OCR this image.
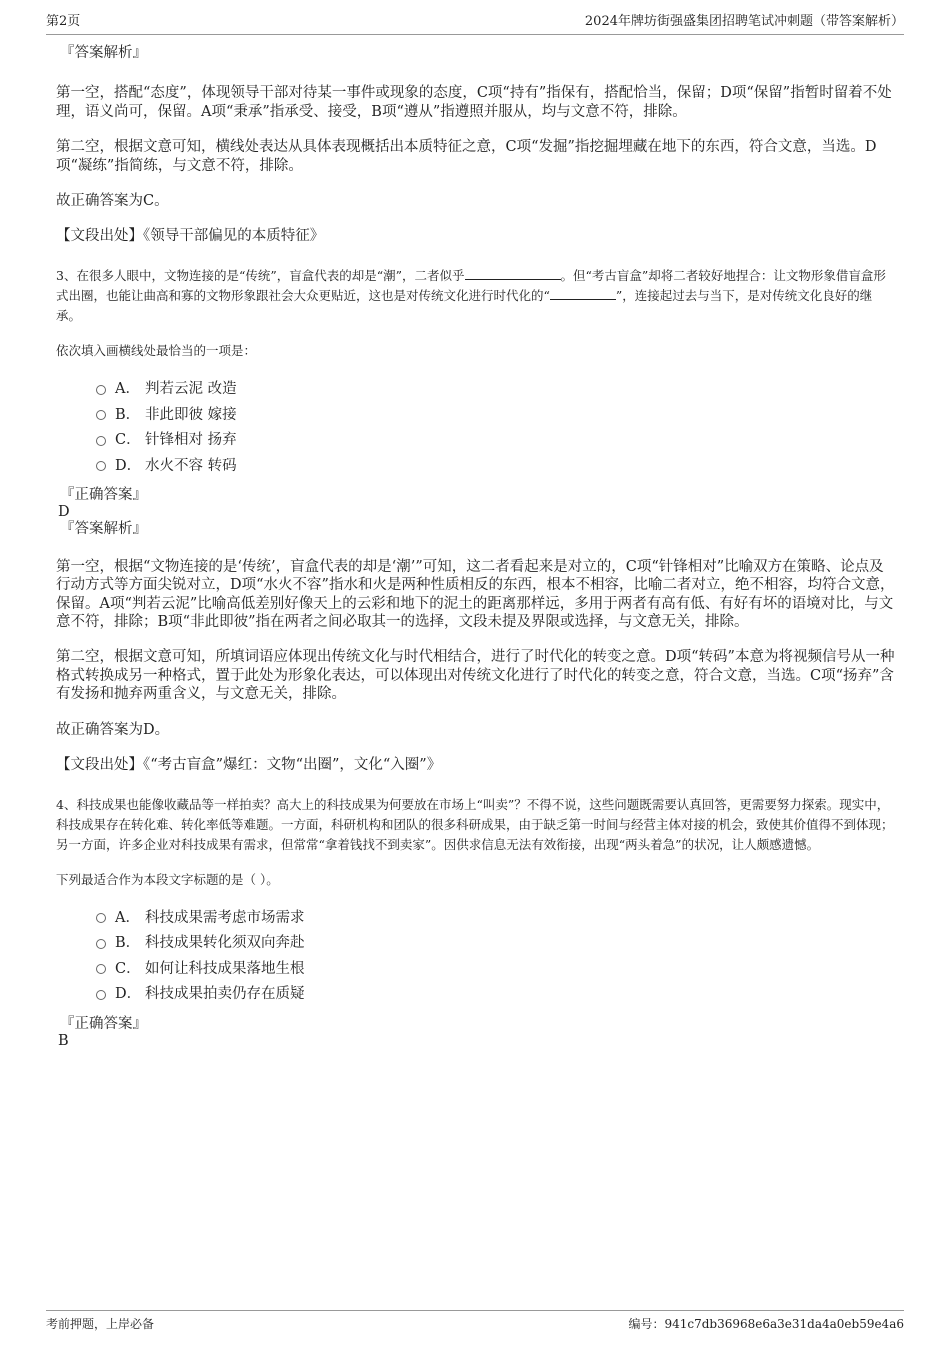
第2页	2024年牌坊街强盛集团招聘笔试冲刺题（带答案解析）

『答案解析』

第一空，搭配“态度”，体现领导干部对待某一事件或现象的态度，C项“持有”指保有，搭配恰当，保留；D项“保留”指暂时留着不处理，语义尚可，保留。A项“秉承”指承受、接受，B项“遵从”指遵照并服从，均与文意不符，排除。

第二空，根据文意可知，横线处表达从具体表现概括出本质特征之意，C项“发掘”指挖掘埋藏在地下的东西，符合文意，当选。D项“凝练”指简练，与文意不符，排除。

故正确答案为C。

【文段出处】《领导干部偏见的本质特征》

3、在很多人眼中，文物连接的是“传统”，盲盒代表的却是“潮”，二者似乎	。但“考古盲盒”却将二者较好地捏合：让文物形象借盲盒形式出圈，也能让曲高和寡的文物形象跟社会大众更贴近，这也是对传统文化进行时代化的“	”，连接起过去与当下，是对传统文化良好的继承。

依次填入画横线处最恰当的一项是：

A． 判若云泥 改造
B． 非此即彼 嫁接
C． 针锋相对 扬弃
D． 水火不容 转码

『正确答案』

D

『答案解析』

第一空，根据“文物连接的是‘传统’，盲盒代表的却是‘潮’”可知，这二者看起来是对立的，C项“针锋相对”比喻双方在策略、论点及行动方式等方面尖锐对立，D项“水火不容”指水和火是两种性质相反的东西，根本不相容，比喻二者对立，绝不相容，均符合文意，保留。A项“判若云泥”比喻高低差别好像天上的云彩和地下的泥土的距离那样远，多用于两者有高有低、有好有坏的语境对比，与文意不符，排除；B项“非此即彼”指在两者之间必取其一的选择，文段未提及界限或选择，与文意无关，排除。

第二空，根据文意可知，所填词语应体现出传统文化与时代相结合，进行了时代化的转变之意。D项“转码”本意为将视频信号从一种格式转换成另一种格式，置于此处为形象化表达，可以体现出对传统文化进行了时代化的转变之意，符合文意，当选。C项“扬弃”含有发扬和抛弃两重含义，与文意无关，排除。

故正确答案为D。

【文段出处】《“考古盲盒”爆红：文物“出圈”，文化“入圈”》

4、科技成果也能像收藏品等一样拍卖？高大上的科技成果为何要放在市场上“叫卖”？不得不说，这些问题既需要认真回答，更需要努力探索。现实中，科技成果存在转化难、转化率低等难题。一方面，科研机构和团队的很多科研成果，由于缺乏第一时间与经营主体对接的机会，致使其价值得不到体现；另一方面，许多企业对科技成果有需求，但常常“拿着钱找不到卖家”。因供求信息无法有效衔接，出现“两头着急”的状况，让人颇感遗憾。

下列最适合作为本段文字标题的是（ ）。

A． 科技成果需考虑市场需求
B． 科技成果转化须双向奔赴
C． 如何让科技成果落地生根
D． 科技成果拍卖仍存在质疑

『正确答案』

B

考前押题，上岸必备	编号：941c7db36968e6a3e31da4a0eb59e4a6
